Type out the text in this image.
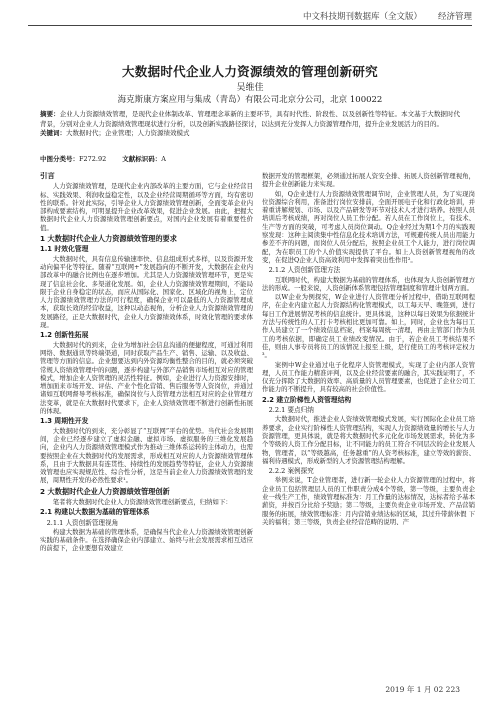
中文科技期刊数据库（全文版） 经济管理
大数据时代企业人力资源绩效的管理创新研究
吴维佳
海克斯康方案应用与集成（青岛）有限公司北京分公司，北京 100022
摘要：企业人力资源绩效管理，是现代企业体制改革、管理理念革新的主要环节，具有时代性、阶段性、以及创新性等特征。本文基于大数据时代背景，分别对企业人力资源绩效管理现状进行分析，以及创新实践路径探讨，以达到充分发挥人力资源管理作用，提升企业发展活力的目的。
关键词：大数据时代；企业管理；人力资源绩效模式
中图分类号：F272.92 文献标识码：A
引言

人力资源绩效管理，是现代企业内部改革的主要方面，它与企业经营目标、实践效果、利润收益稳定性，以及企业经营周期循环等方面，均有密切性的联系。针对此实际，引导企业人力资源绩效管理创新，全面变革企业内部构成要素结构，可明显提升企业改革效果，促进企业发展。由此，把握大数据时代企业人力资源绩效管理创新要点，对国内企业发展有着重要性价值。

1 大数据时代企业人力资源绩效管理的要求
1.1 时效化管理

大数据时代，具有信息传输速率快、信息组成形式多样，以及资源开发动向偏平化等特征。随着“互联网+”发展趋向的不断开发，大数据在企业内部改革中的融合比例也在逐步增加。尤其是人力资源绩效管理环节，更是实现了信息社会化、多渠道化发展。如，企业人力资源绩效管理期间，不能局限于企业自身稳定的状态，而应从国际化、国家化、区域化的视角上，定位人力资源绩效管理方法的可行程度，确保企业可以最低的人力资源管理成本，获取长效的经营收益，这种以动态视角，分析企业人力资源绩效管理的发展路径，正是大数据时代，企业人力资源绩效体系，时效化管理的要求体现。

1.2 创新性拓展

大数据时代的到来，企业为增加社会信息沟通的便捷程度，可通过利用网络、数据通讯等终端渠道，同时获取产品生产、销售、运输、以及收益、管理等方面的信息。企业想要达到内外资源均衡性整合的目的，就必须突破常规人资绩效管理中的问题，逐步构建与外部产品销售市场相互对应的管理模式，增加企业人资管理的灵活性特征。例如，企业进行人力资源安排时，增加面来市场开发、评估、产业个性化营销、售后服务等人资岗位，并通过诸如互联网督导考核标准，确保岗位与人资管理方法相互对应的企业管理方法变革，就是在大数据时代要求下，企业人资绩效管理不断进行创新性拓展的体现。

1.3 周期性开发

大数据时代的到来，充分彰显了“互联网”平台的优势。当代社会发展期间，企业已经逐步建立了虚拟金融、虚拟市场、虚拟服务的三维化发展趋向，企业内人力资源绩效管理模式作为推动三维体系运转的主体动力，也需要按照企业在大数据时代的发展需求，形成相互对应的人力资源绩效管理体系，且由于大数据具有连贯性、持续性的发展趋势等特征，企业人力资源绩效管理也应实现规范性、综合性分析，这是当前企业人力资源绩效管理的发展，周期性开发的必然性要求¹。

2 大数据时代企业人力资源绩效管理创新

笔者将大数据时代企业人力资源绩效管理创新要点，归纳如下：

2.1 构建以大数据为基础的管理体系
2.1.1 人资创新管理视角

构建大数据为基础的管理体系，是确保当代企业人力资源绩效管理创新实践的基础条件。在选择确保企业内部建立、始终与社会发展需求相互适应的前提下，企业要想有效建立

数据开发的管理框架，必须通过拓展人资安全排、拓展人资创新管理视角，提升企业创新能力来实现。

如，Q企业进行人力资源绩效管理调节时，企业管理人员，为了实现岗位资源综合利用，准备进行岗位安排前，全面开展电子化和行政化培训，并着重讲解规划、市场、以及产品研发等环节对技术人才进行培养。按照人员培训后考核成绩，再对岗位人员工作分配。若人员在工作岗位上，有技术、生产等方面的突破，可考虑人员岗位调动。Q企业经过为期1个月的实践观察发现：这种主阅读集中性信息化技术培训方法，可规避传统人员出用能力参差不齐的问题，而岗位人员分配后，按照企业员工个人能力，进行岗位调配，为在职员工的个人价值实现提供了平台。如上人资创新管理视角的改变，在促进Q企业人资高效利用中发挥着突出性作用²。

2.1.2 人资创新管理方法

互联网时代，构建大数据为基础的管理体系，也体现为人资创新管理方法的形成。一般来说，人资创新体系管理包括管理制度和管理计划两方面。

以W企业为例探究，W企业进行人资管理分析过程中，借助互联网程序，在企业内建立起人力资源结构化管理模式，以工每天早、晚签到，进行每日工作进展情况考核的信息统计。更具体说，这种以每日效果为依据统计方法与传统性的人工打卡考核相比更加可靠。如上，同时，企业也为每日工作人员建立了一个绩效信息档案，档案每周统一清理，再由主管部门作为员工的考核依据，即确定员工业绩改变情况。由于，若企业员工考核结果不佳，则由人事专员将员工的该情况上报至上级，是行使员工的考核评定权力³。

案例中W企业通过电子化程序人资管理模式，实现了企业内部人资管理，人员工作能力精准评判，以及企业经营要素的融合，其实践证明了，不仅充分挥除了大数据的效率、高质量的人员管理要素，也促进了企业公司工作能力的不断提升，具有较高的社会价值性。

2.2 建立阶梯性人资管理结构
2.2.1 要点归纳

大数据时代，推进企业人资绩效管理模式发展，实行国际化企业员工培养要求，企业实行阶梯性人资管理结构，实现人力资源绩效量的增长与人力资源管理，更具体说，就是将大数据时代多元化化市场发展需求，转化为多个等级的人资工作分配目标，让不同能力的员工符合不同层次的企业发展人物，管理者，以“等级越高，任务越重”的人资考核标准，建立等效的薪资、福利待遇模式，形成新型的人才资源管理结构理解。

2.2.2 案例探究

举例来说，T企业管理者，进行新一轮企业人力资源管理的过程中，将企业员工包括管理层人员的工作职责分成4个等级，第一等级，主要负责企业一线生产工作，绩效管理标准为：月工作量的达标情况，达标者给予基本薪资，并按百分比给予奖励；第二等级，主要负责企业市场开发、产品营销服务的拓展，绩效管理标准：月内营销业绩达标的区域，其过升带薪休假 下 关的福利；第三等级，负责企业经营范畴的说明、产

2019 年 1 月 02 223
